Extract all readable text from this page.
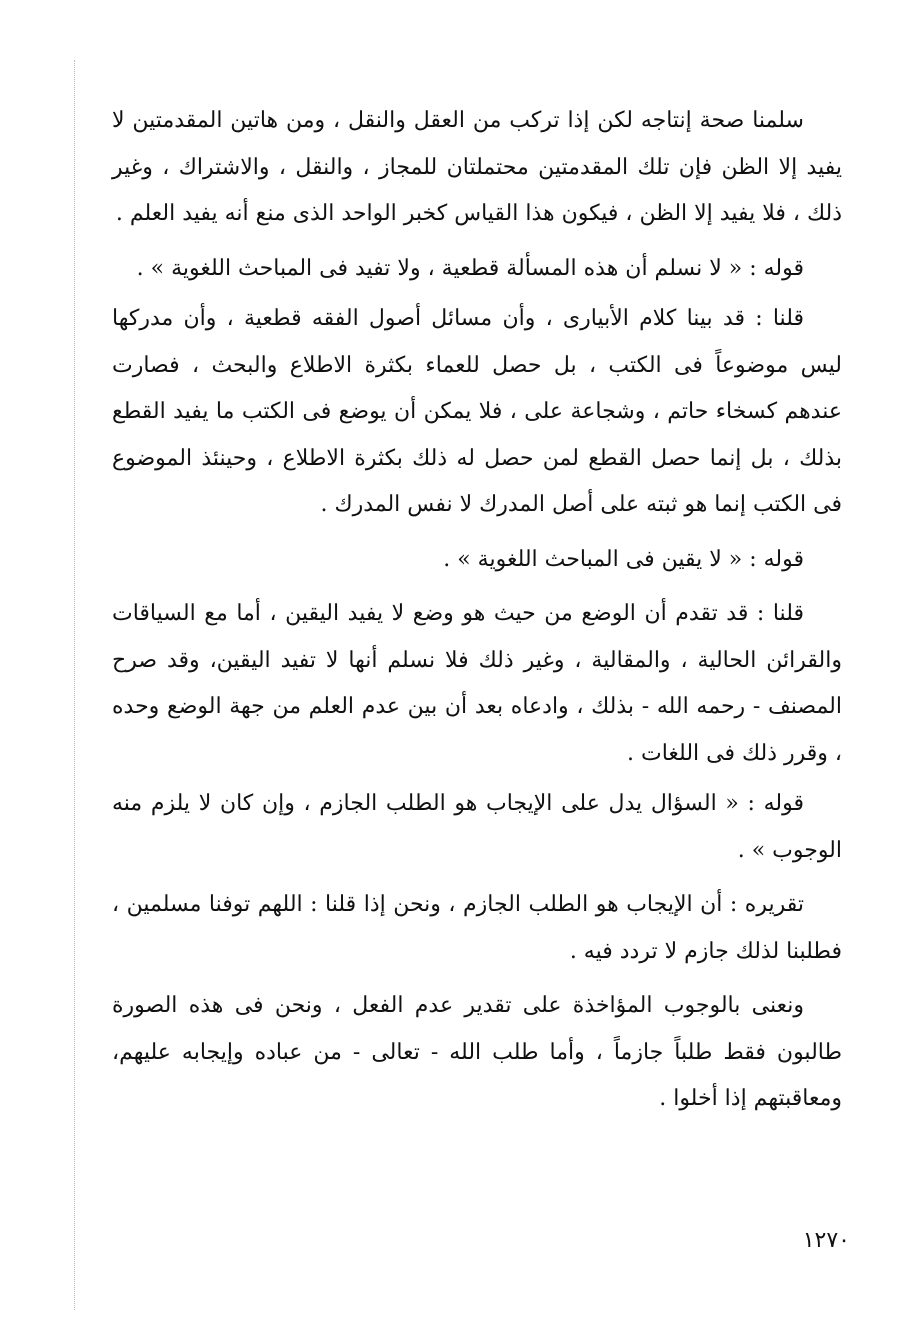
سلمنا صحة إنتاجه لكن إذا تركب من العقل والنقل ، ومن هاتين المقدمتين لا يفيد إلا الظن فإن تلك المقدمتين محتملتان للمجاز ، والنقل ، والاشتراك ، وغير ذلك ، فلا يفيد إلا الظن ، فيكون هذا القياس كخبر الواحد الذى منع أنه يفيد العلم .

قوله : « لا نسلم أن هذه المسألة قطعية ، ولا تفيد فى المباحث اللغوية » .

قلنا : قد بينا كلام الأبيارى ، وأن مسائل أصول الفقه قطعية ، وأن مدركها ليس موضوعاً فى الكتب ، بل حصل للعماء بكثرة الاطلاع والبحث ، فصارت عندهم كسخاء حاتم ، وشجاعة على ، فلا يمكن أن يوضع فى الكتب ما يفيد القطع بذلك ، بل إنما حصل القطع لمن حصل له ذلك بكثرة الاطلاع ، وحينئذ الموضوع فى الكتب إنما هو ثبته على أصل المدرك لا نفس المدرك .

قوله : « لا يقين فى المباحث اللغوية » .

قلنا : قد تقدم أن الوضع من حيث هو وضع لا يفيد اليقين ، أما مع السياقات والقرائن الحالية ، والمقالية ، وغير ذلك فلا نسلم أنها لا تفيد اليقين، وقد صرح المصنف - رحمه الله - بذلك ، وادعاه بعد أن بين عدم العلم من جهة الوضع وحده ، وقرر ذلك فى اللغات .

قوله : « السؤال يدل على الإيجاب هو الطلب الجازم ، وإن كان لا يلزم منه الوجوب » .

تقريره : أن الإيجاب هو الطلب الجازم ، ونحن إذا قلنا : اللهم توفنا مسلمين ، فطلبنا لذلك جازم لا تردد فيه .

ونعنى بالوجوب المؤاخذة على تقدير عدم الفعل ، ونحن فى هذه الصورة طالبون فقط طلباً جازماً ، وأما طلب الله - تعالى - من عباده وإيجابه عليهم، ومعاقبتهم إذا أخلوا .

١٢٧٠
